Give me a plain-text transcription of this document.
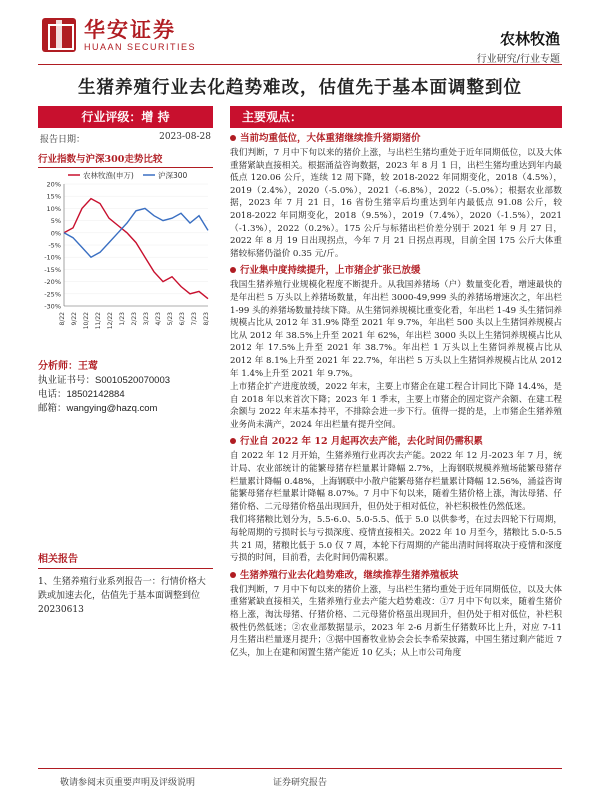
华安证券
HUAAN SECURITIES	农林牧渔
行业研究/行业专题
生猪养殖行业去化趋势难改，估值先于基本面调整到位
行业评级：增 持
报告日期：	2023-08-28
行业指数与沪深300走势比较
农林牧渔(申万)	沪深300
20%
15%
10%
5%
0%
-5%
-10%
-15%
-20%
-25%
-30%
8/22 9/22 10/22 11/22 12/22 1/23 2/23 3/23 4/23 5/23 6/23 7/23 8/23
分析师：王莺
执业证书号：S0010520070003
电话：18502142884
邮箱：wangying@hazq.com
相关报告
1、生猪养殖行业系列报告一：行情价格大跌或加速去化，估值先于基本面调整到位 20230613
主要观点：
当前均重低位，大体重猪继续推升猪期猪价

我们判断，7 月中下旬以来的猪价上涨，与出栏生猪均重处于近年同期低位，以及大体重猪紧缺直接相关。根据涌益咨询数据，2023 年 8 月 1 日，出栏生猪均重达到年内最低点 120.06 公斤，连续 12 周下降，较 2018-2022 年同期变化，2018（4.5%），2019（2.4%），2020（-5.0%），2021（-6.8%），2022（-5.0%）；根据农业部数据，2023 年 7 月 21 日，16 省份生猪宰后均重达到年内最低点 91.08 公斤，较 2018-2022 年同期变化，2018（9.5%），2019（7.4%），2020（-1.5%），2021（-1.3%），2022（0.2%）。175 公斤与标猪出栏价差分别于 2021 年 9 月 27 日，2022 年 8 月 19 日出现拐点，今年 7 月 21 日拐点再现，目前全国 175 公斤大体重猪较标猪仍溢价 0.35 元/斤。

行业集中度持续提升，上市猪企扩张已放缓

我国生猪养殖行业规模化程度不断提升。从我国养猪场（户）数量变化看，增速最快的是年出栏 5 万头以上养猪场数量，年出栏 3000-49,999 头的养猪场增速次之，年出栏 1-99 头的养猪场数量持续下降。从生猪饲养规模比重变化看，年出栏 1-49 头生猪饲养规模占比从 2012 年 31.9% 降至 2021 年 9.7%，年出栏 500 头以上生猪饲养规模占比从 2012 年 38.5%上升至 2021 年 62%，年出栏 3000 头以上生猪饲养规模占比从 2012 年 17.5%上升至 2021 年 38.7%。年出栏 1 万头以上生猪饲养规模占比从 2012 年 8.1%上升至 2021 年 22.7%，年出栏 5 万头以上生猪饲养规模占比从 2012 年 1.4%上升至 2021 年 9.7%。

上市猪企扩产进度放缓，2022 年末，主要上市猪企在建工程合计同比下降 14.4%，是自 2018 年以来首次下降；2023 年 1 季末，主要上市猪企的固定资产余额、在建工程余额与 2022 年末基本持平，不排除会进一步下行。值得一提的是，上市猪企生猪养殖业务尚未满产，2024 年出栏量有提升空间。

行业自 2022 年 12 月起再次去产能，去化时间仍需积累

自 2022 年 12 月开始，生猪养殖行业再次去产能。2022 年 12 月-2023 年 7 月，统计局、农业部统计的能繁母猪存栏量累计降幅 2.7%，上海钢联规模养殖场能繁母猪存栏量累计降幅 0.48%，上海钢联中小散户能繁母猪存栏量累计降幅 12.56%，涌益咨询能繁母猪存栏量累计降幅 8.07%。7 月中下旬以来，随着生猪价格上涨，淘汰母猪、仔猪价格、二元母猪价格虽出现回升，但仍处于相对低位，补栏积极性仍然低迷。

我们将猪粮比划分为，5.5-6.0、5.0-5.5、低于 5.0 以供参考，在过去四轮下行周期，每轮周期的亏损时长与亏损深度、疫情直接相关。2022 年 10 月至今，猪粮比 5.0-5.5 共 21 周，猪粮比低于 5.0 仅 7 周，本轮下行周期的产能出清时间将取决于疫情和深度亏损的时间，目前看，去化时间仍需积累。

生猪养殖行业去化趋势难改，继续推荐生猪养殖板块

我们判断，7 月中下旬以来的猪价上涨，与出栏生猪均重处于近年同期低位，以及大体重猪紧缺直接相关，生猪养殖行业去产能大趋势难改：①7 月中下旬以来，随着生猪价格上涨，淘汰母猪、仔猪价格、二元母猪价格虽出现回升，但仍处于相对低位，补栏积极性仍然低迷；②农业部数据显示，2023 年 2-6 月新生仔猪数环比上升，对应 7-11 月生猪出栏量逐月提升；③据中国畜牧业协会会长李希荣披露，中国生猪过剩产能近 7 亿头，加上在建和闲置生猪产能近 10 亿头；从上市公司角度

敬请参阅末页重要声明及评级说明	证券研究报告
